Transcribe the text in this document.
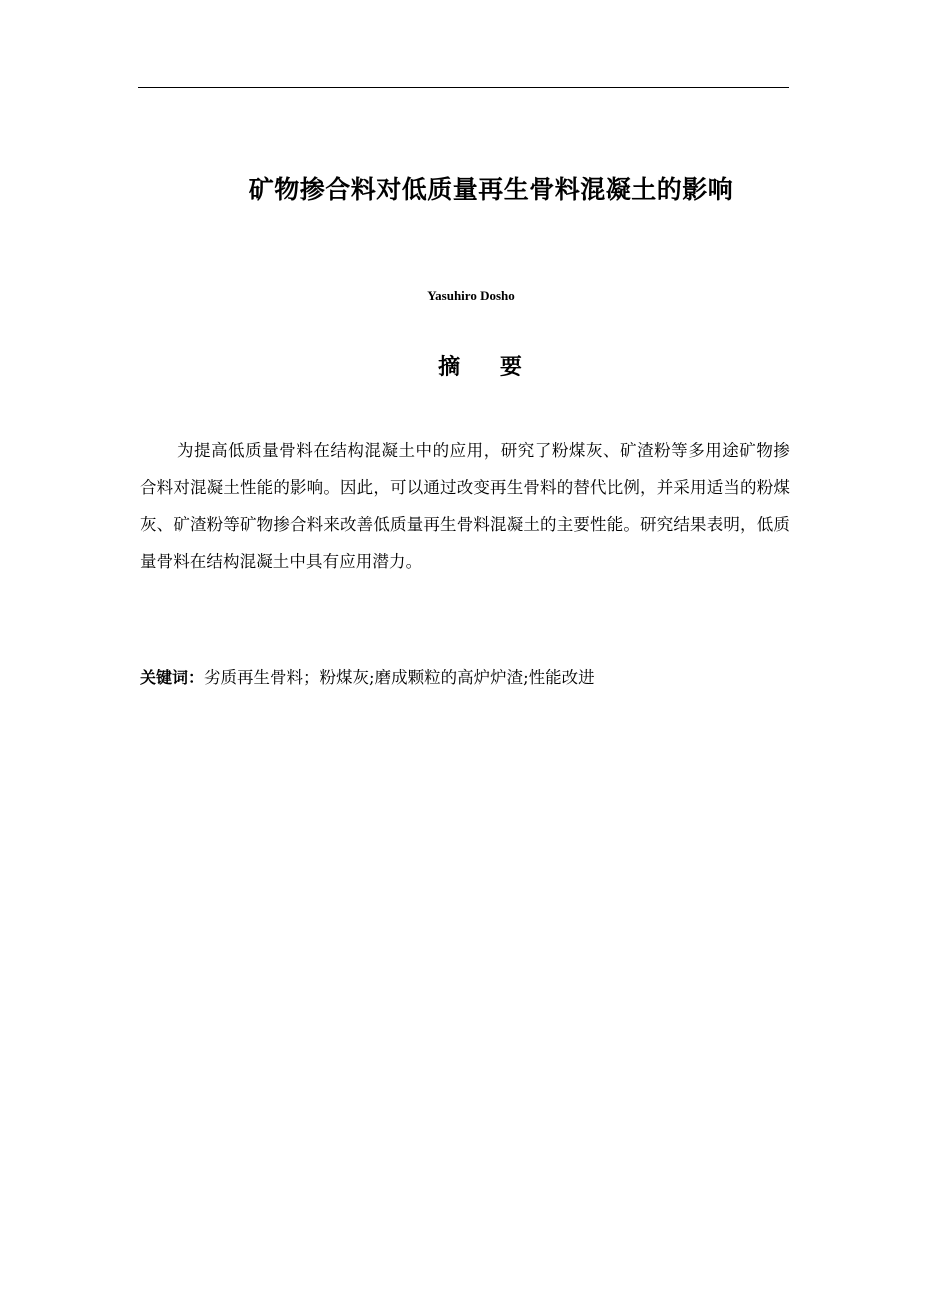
矿物掺合料对低质量再生骨料混凝土的影响
Yasuhiro Dosho
摘 要
为提高低质量骨料在结构混凝土中的应用，研究了粉煤灰、矿渣粉等多用途矿物掺合料对混凝土性能的影响。因此，可以通过改变再生骨料的替代比例，并采用适当的粉煤灰、矿渣粉等矿物掺合料来改善低质量再生骨料混凝土的主要性能。研究结果表明，低质量骨料在结构混凝土中具有应用潜力。
关键词：劣质再生骨料；粉煤灰;磨成颗粒的高炉炉渣;性能改进
